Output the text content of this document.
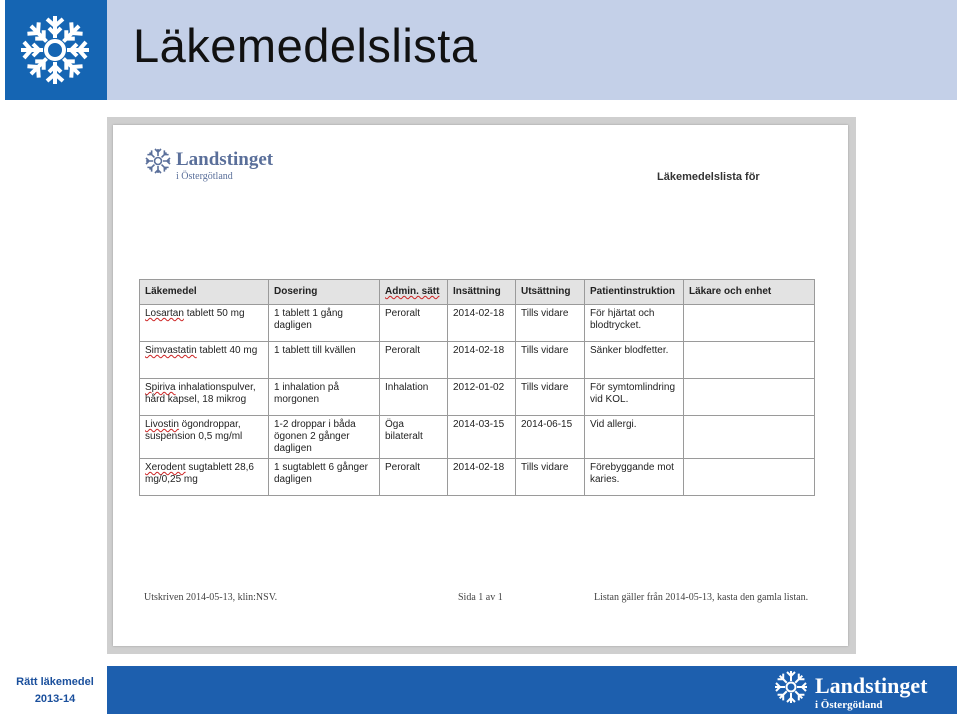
Läkemedelslista
Landstinget
i Östergötland	Läkemedelslista för
Läkemedel	Dosering	Admin. sätt	Insättning	Utsättning	Patientinstruktion	Läkare och enhet
Losartan tablett 50 mg	1 tablett 1 gång dagligen	Peroralt	2014-02-18	Tills vidare	För hjärtat och blodtrycket.	
Simvastatin tablett 40 mg	1 tablett till kvällen	Peroralt	2014-02-18	Tills vidare	Sänker blodfetter.	
Spiriva inhalationspulver, hård kapsel, 18 mikrog	1 inhalation på morgonen	Inhalation	2012-01-02	Tills vidare	För symtomlindring vid KOL.	
Livostin ögondroppar, suspension 0,5 mg/ml	1-2 droppar i båda ögonen 2 gånger dagligen	Öga bilateralt	2014-03-15	2014-06-15	Vid allergi.	
Xerodent sugtablett 28,6 mg/0,25 mg	1 sugtablett 6 gånger dagligen	Peroralt	2014-02-18	Tills vidare	Förebyggande mot karies.	
Utskriven 2014-05-13, klin:NSV.	Sida 1 av 1	Listan gäller från 2014-05-13, kasta den gamla listan.
Rätt läkemedel
2013-14
Landstinget
i Östergötland
